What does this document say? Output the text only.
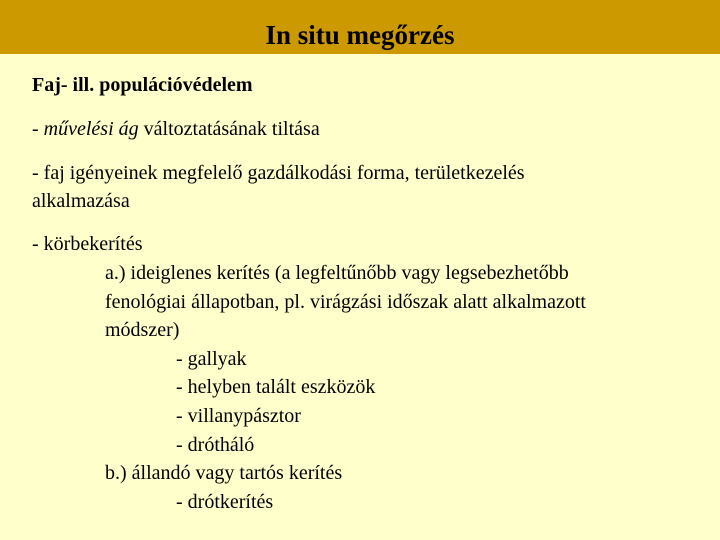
In situ megőrzés
Faj- ill. populációvédelem
- művelési ág változtatásának tiltása
- faj igényeinek megfelelő gazdálkodási forma, területkezelés
alkalmazása
- körbekerítés
a.) ideiglenes kerítés (a legfeltűnőbb vagy legsebezhetőbb
fenológiai állapotban, pl. virágzási időszak alatt alkalmazott
módszer)
- gallyak
- helyben talált eszközök
- villanypásztor
- drótháló
b.) állandó vagy tartós kerítés
- drótkerítés
